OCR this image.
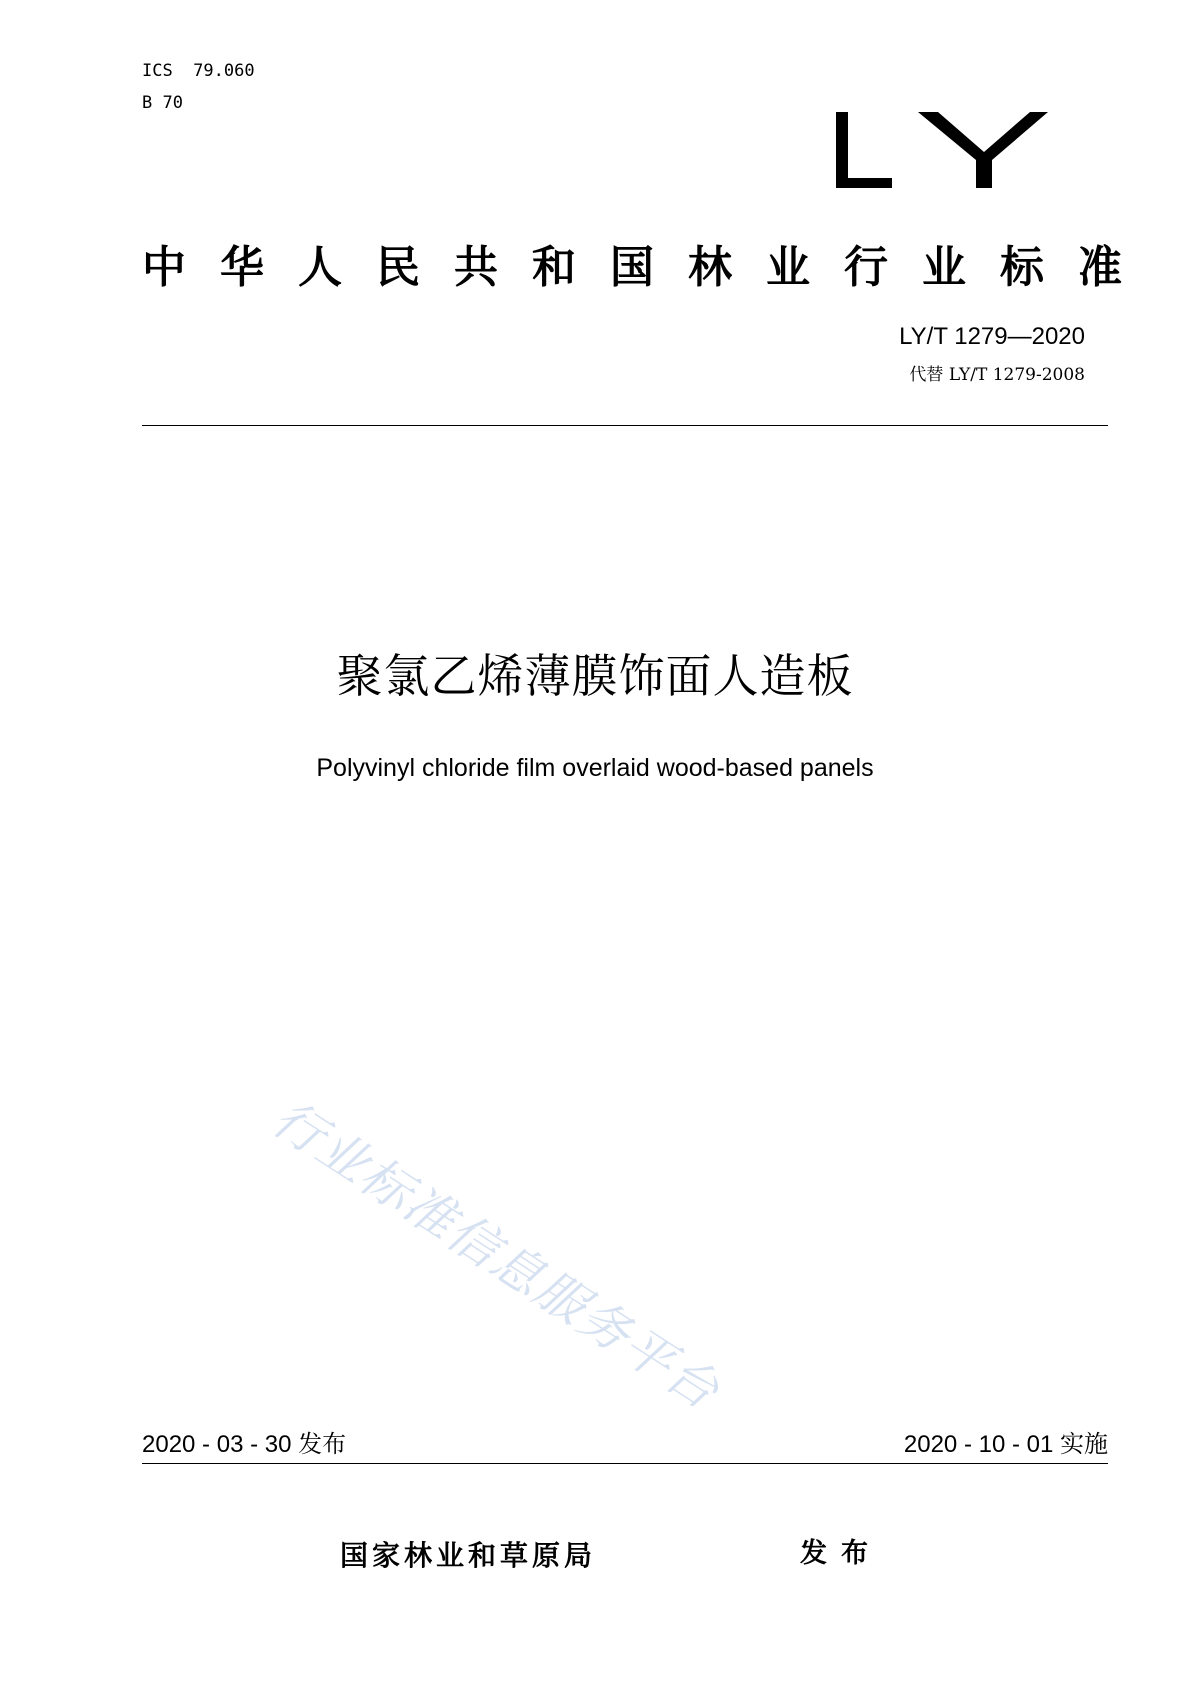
ICS  79.060
B 70
中 华 人 民 共 和 国 林 业 行 业 标 准
LY/T 1279—2020
代替 LY/T 1279-2008
聚氯乙烯薄膜饰面人造板
Polyvinyl chloride film overlaid wood-based panels
行业标准信息服务平台
2020 - 03 - 30 发布	2020 - 10 - 01 实施
国家林业和草原局	发布
